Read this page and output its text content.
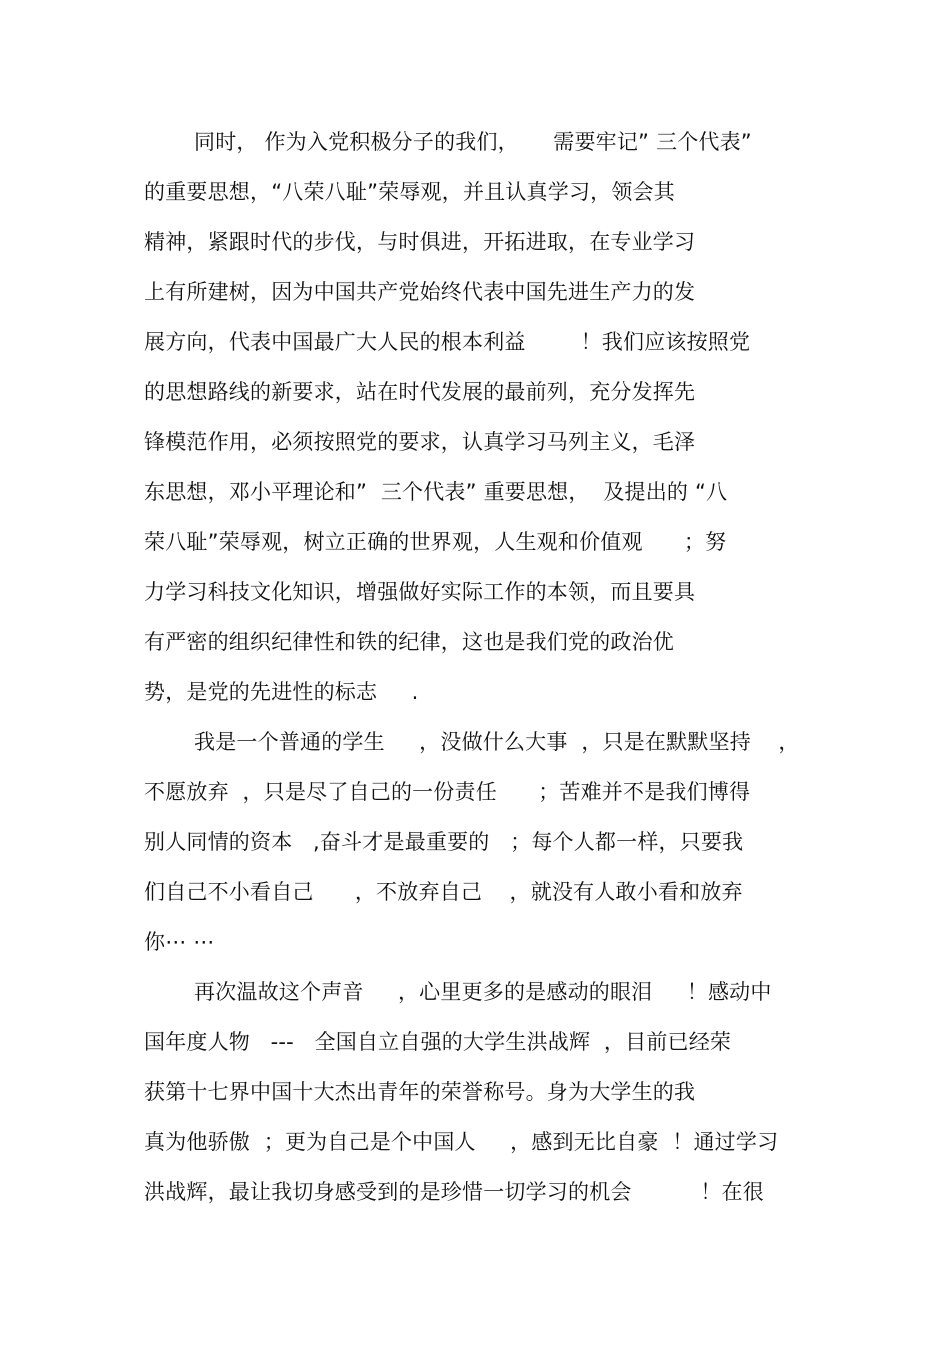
同时， 作为入党积极分子的我们，     需要牢记” 三个代表”
的重要思想，“八荣八耻”荣辱观，并且认真学习，领会其
精神，紧跟时代的步伐，与时俱进，开拓进取，在专业学习
上有所建树，因为中国共产党始终代表中国先进生产力的发
展方向，代表中国最广大人民的根本利益        ！我们应该按照党
的思想路线的新要求，站在时代发展的最前列，充分发挥先
锋模范作用，必须按照党的要求，认真学习马列主义，毛泽
东思想，邓小平理论和”  三个代表” 重要思想，  及提出的 “八
荣八耻”荣辱观，树立正确的世界观，人生观和价值观      ；努
力学习科技文化知识，增强做好实际工作的本领，而且要具
有严密的组织纪律性和铁的纪律，这也是我们党的政治优
势，是党的先进性的标志     .
我是一个普通的学生     ，没做什么大事  ，只是在默默坚持    ，
不愿放弃  ，只是尽了自己的一份责任      ；苦难并不是我们博得
别人同情的资本   ,奋斗才是最重要的   ；每个人都一样，只要我
们自己不小看自己      ，不放弃自己    ，就没有人敢小看和放弃
你⋯ ⋯
再次温故这个声音     ，心里更多的是感动的眼泪     ！感动中
国年度人物   ---   全国自立自强的大学生洪战辉  ，目前已经荣
获第十七界中国十大杰出青年的荣誉称号。身为大学生的我
真为他骄傲  ；更为自己是个中国人     ，感到无比自豪  ！通过学习
洪战辉，最让我切身感受到的是珍惜一切学习的机会          ！在很
